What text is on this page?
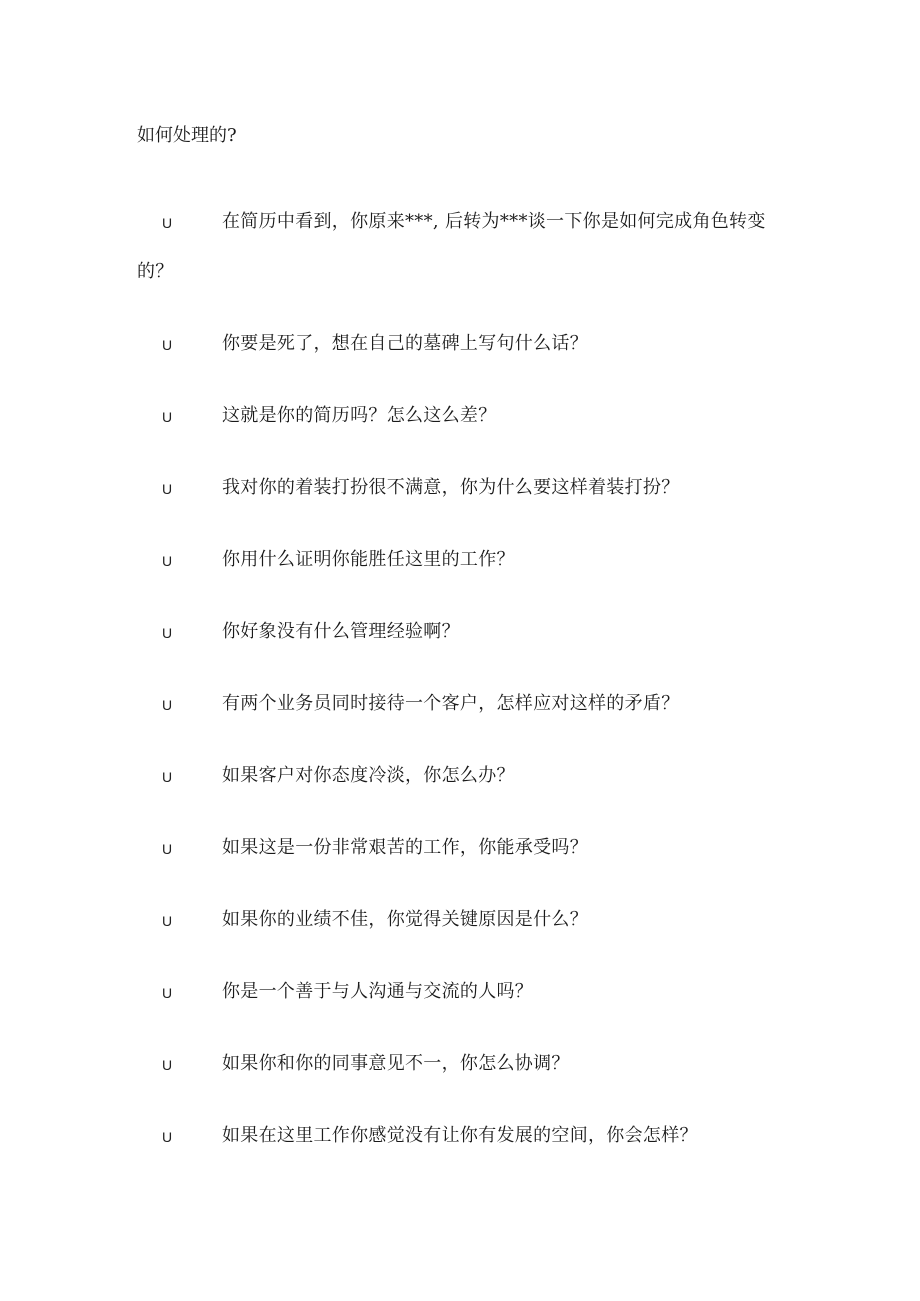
如何处理的?
U	在简历中看到，你原来***, 后转为***谈一下你是如何完成角色转变
的？
U	你要是死了，想在自己的墓碑上写句什么话？
U	这就是你的简历吗？怎么这么差？
U	我对你的着装打扮很不满意，你为什么要这样着装打扮？
U	你用什么证明你能胜任这里的工作？
U	你好象没有什么管理经验啊？
U	有两个业务员同时接待一个客户，怎样应对这样的矛盾？
U	如果客户对你态度冷淡，你怎么办？
U	如果这是一份非常艰苦的工作，你能承受吗？
U	如果你的业绩不佳，你觉得关键原因是什么？
U	你是一个善于与人沟通与交流的人吗？
U	如果你和你的同事意见不一，你怎么协调？
U	如果在这里工作你感觉没有让你有发展的空间，你会怎样？
